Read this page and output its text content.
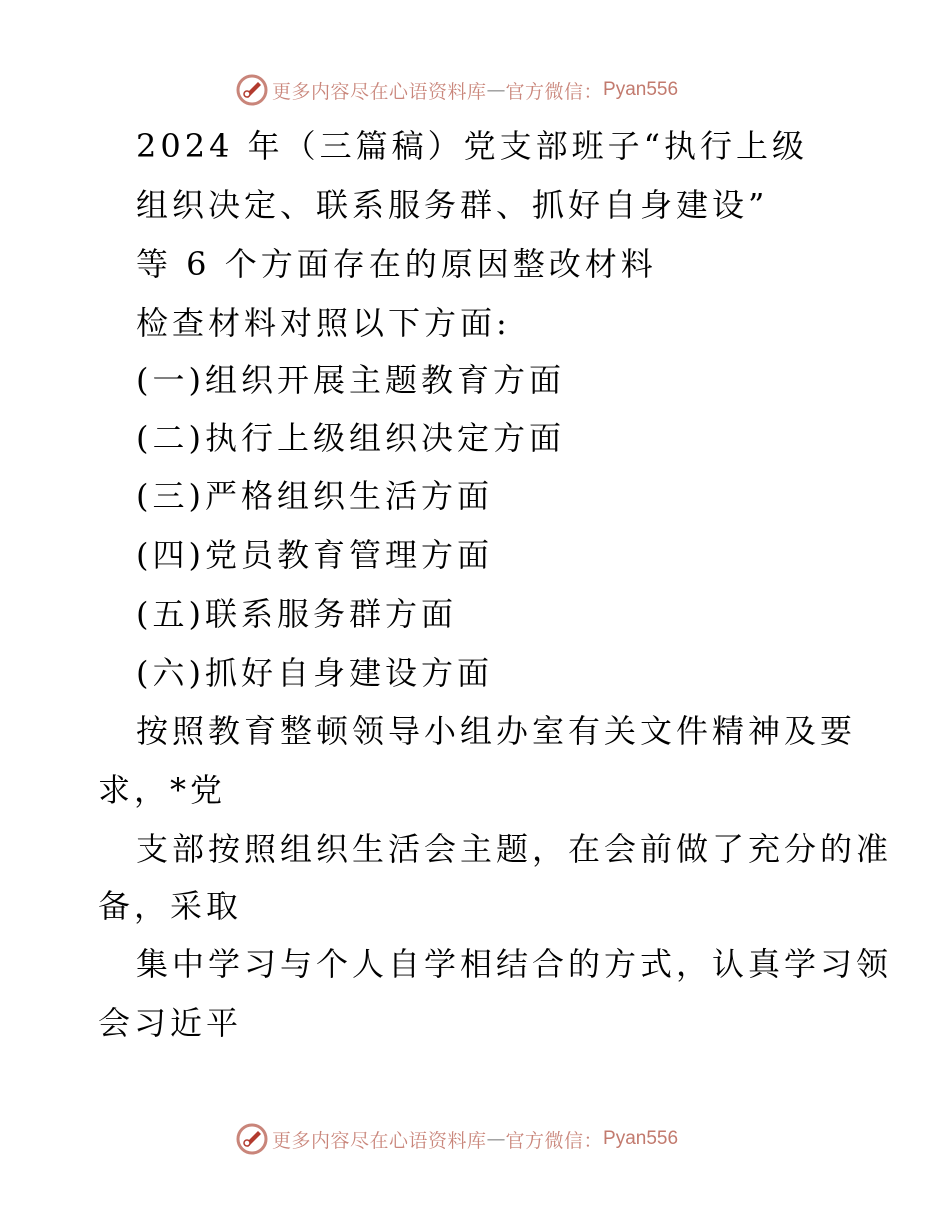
更多内容尽在心语资料库 — 官方微信： Pyan556
2024 年（三篇稿）党支部班子“执行上级
组织决定、联系服务群、抓好自身建设”
等 6 个方面存在的原因整改材料
检查材料对照以下方面:
(一)组织开展主题教育方面
(二)执行上级组织决定方面
(三)严格组织生活方面
(四)党员教育管理方面
(五)联系服务群方面
(六)抓好自身建设方面
按照教育整顿领导小组办室有关文件精神及要
求，*党
支部按照组织生活会主题，在会前做了充分的准
备，采取
集中学习与个人自学相结合的方式，认真学习领
会习近平
更多内容尽在心语资料库 — 官方微信： Pyan556
